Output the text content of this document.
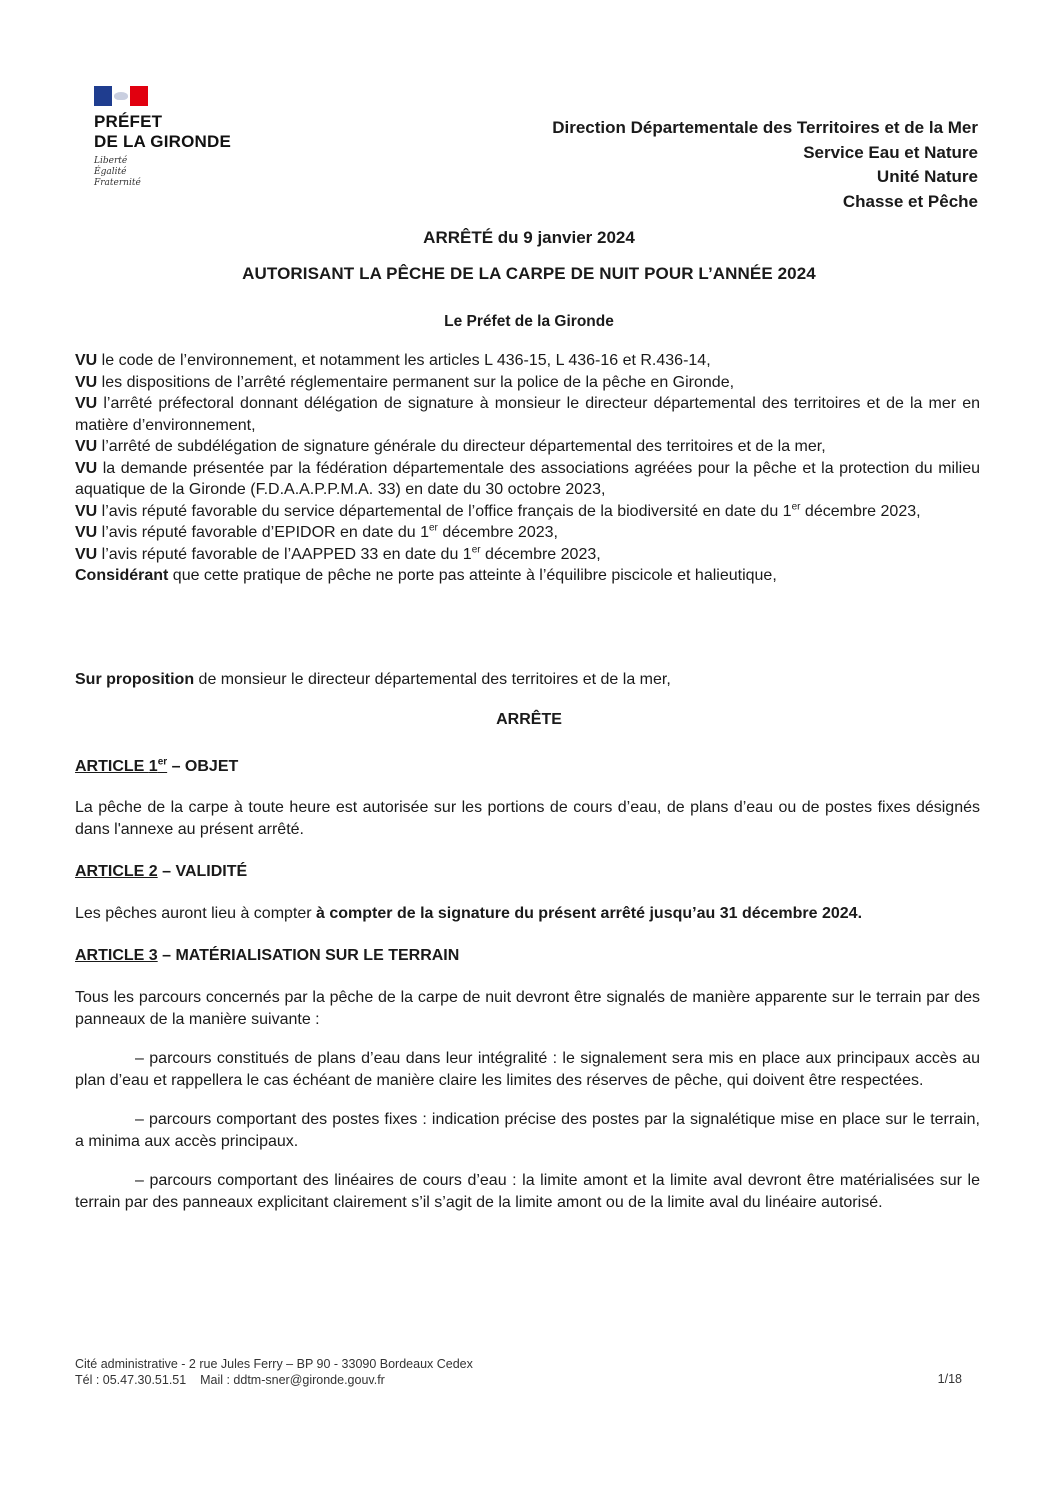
PRÉFET
DE LA GIRONDE
Liberté
Égalité
Fraternité
Direction Départementale des Territoires et de la Mer
Service Eau et Nature
Unité Nature
Chasse et Pêche
ARRÊTÉ du 9 janvier 2024
AUTORISANT LA PÊCHE DE LA CARPE DE NUIT POUR L’ANNÉE 2024
Le Préfet de la Gironde

VU le code de l’environnement, et notamment les articles L 436-15, L 436-16 et R.436-14,

VU les dispositions de l’arrêté réglementaire permanent sur la police de la pêche en Gironde,

VU l’arrêté préfectoral donnant délégation de signature à monsieur le directeur départemental des territoires et de la mer en matière d’environnement,

VU l’arrêté de subdélégation de signature générale du directeur départemental des territoires et de la mer,

VU la demande présentée par la fédération départementale des associations agréées pour la pêche et la protection du milieu aquatique de la Gironde (F.D.A.A.P.P.M.A. 33) en date du 30 octobre 2023,

VU l’avis réputé favorable du service départemental de l’office français de la biodiversité en date du 1er décembre 2023,

VU l’avis réputé favorable d’EPIDOR en date du 1er décembre 2023,

VU l’avis réputé favorable de l’AAPPED 33 en date du 1er décembre 2023,

Considérant que cette pratique de pêche ne porte pas atteinte à l’équilibre piscicole et halieutique,

Sur proposition de monsieur le directeur départemental des territoires et de la mer,

ARRÊTE
ARTICLE 1er – OBJET
La pêche de la carpe à toute heure est autorisée sur les portions de cours d’eau, de plans d’eau ou de postes fixes désignés dans l'annexe au présent arrêté.
ARTICLE 2 – VALIDITÉ
Les pêches auront lieu à compter à compter de la signature du présent arrêté jusqu’au 31 décembre 2024.
ARTICLE 3 – MATÉRIALISATION SUR LE TERRAIN

Tous les parcours concernés par la pêche de la carpe de nuit devront être signalés de manière apparente sur le terrain par des panneaux de la manière suivante :

– parcours constitués de plans d’eau dans leur intégralité : le signalement sera mis en place aux principaux accès au plan d’eau et rappellera le cas échéant de manière claire les limites des réserves de pêche, qui doivent être respectées.

– parcours comportant des postes fixes : indication précise des postes par la signalétique mise en place sur le terrain, a minima aux accès principaux.

– parcours comportant des linéaires de cours d’eau : la limite amont et la limite aval devront être matérialisées sur le terrain par des panneaux explicitant clairement s’il s’agit de la limite amont ou de la limite aval du linéaire autorisé.

Cité administrative - 2 rue Jules Ferry – BP 90 - 33090 Bordeaux Cedex
Tél : 05.47.30.51.51    Mail : ddtm-sner@gironde.gouv.fr	1/18
